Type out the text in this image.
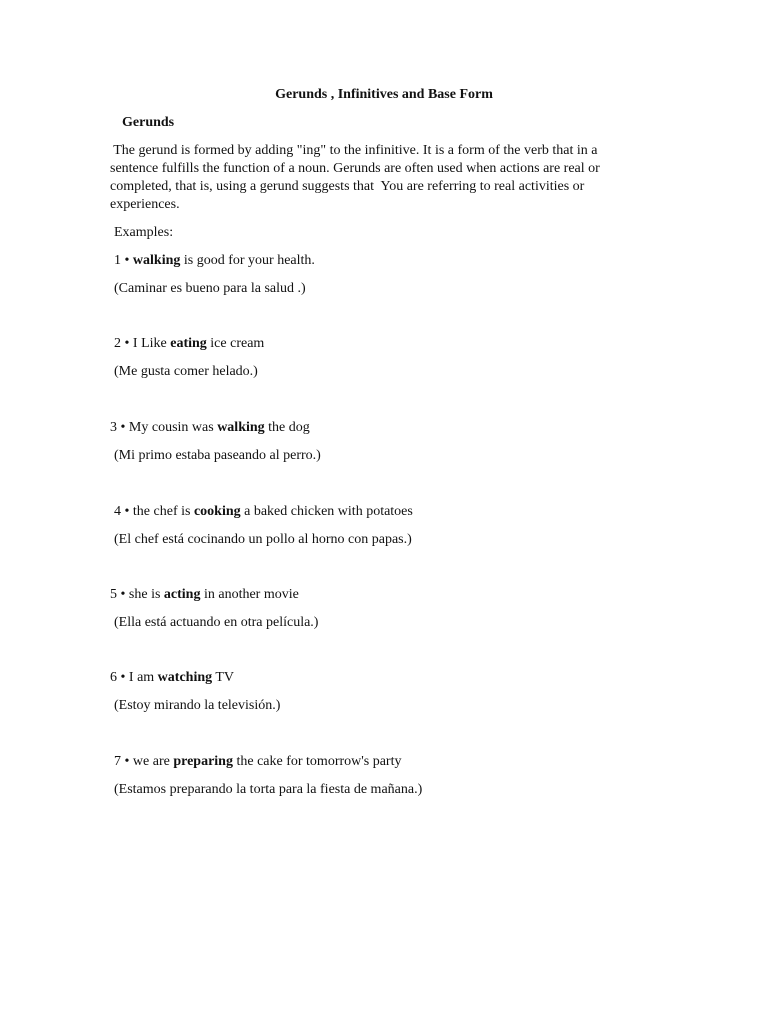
Gerunds , Infinitives and Base Form
Gerunds

The gerund is formed by adding "ing" to the infinitive. It is a form of the verb that in a
sentence fulfills the function of a noun. Gerunds are often used when actions are real or
completed, that is, using a gerund suggests that  You are referring to real activities or
experiences.

Examples:

1 • walking is good for your health.
(Caminar es bueno para la salud .)
2 • I Like eating ice cream
(Me gusta comer helado.)
3 • My cousin was walking the dog
(Mi primo estaba paseando al perro.)
4 • the chef is cooking a baked chicken with potatoes
(El chef está cocinando un pollo al horno con papas.)
5 • she is acting in another movie
(Ella está actuando en otra película.)
6 • I am watching TV
(Estoy mirando la televisión.)
7 • we are preparing the cake for tomorrow's party
(Estamos preparando la torta para la fiesta de mañana.)
